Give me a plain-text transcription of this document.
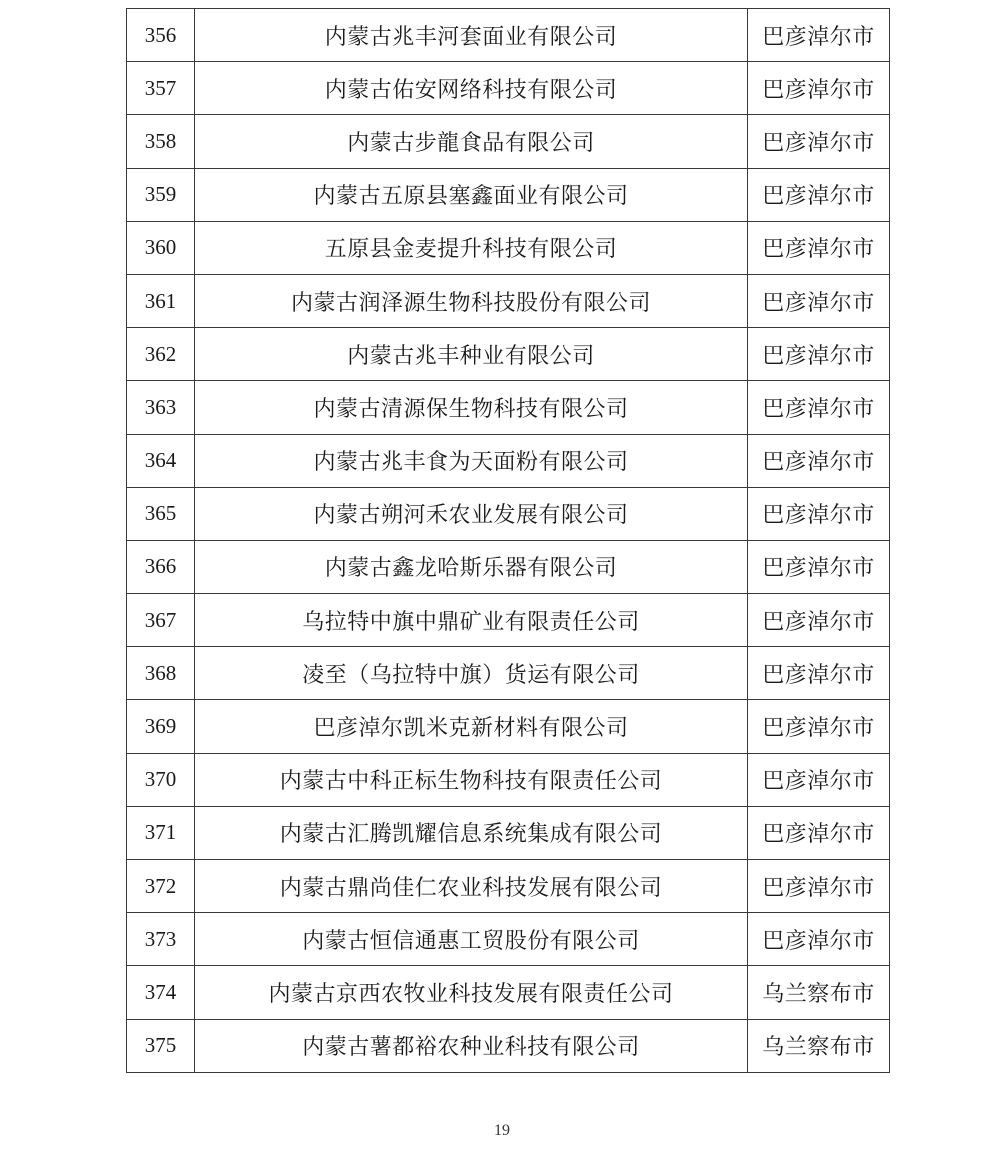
356	内蒙古兆丰河套面业有限公司	巴彦淖尔市
357	内蒙古佑安网络科技有限公司	巴彦淖尔市
358	内蒙古步龍食品有限公司	巴彦淖尔市
359	内蒙古五原县塞鑫面业有限公司	巴彦淖尔市
360	五原县金麦提升科技有限公司	巴彦淖尔市
361	内蒙古润泽源生物科技股份有限公司	巴彦淖尔市
362	内蒙古兆丰种业有限公司	巴彦淖尔市
363	内蒙古清源保生物科技有限公司	巴彦淖尔市
364	内蒙古兆丰食为天面粉有限公司	巴彦淖尔市
365	内蒙古朔河禾农业发展有限公司	巴彦淖尔市
366	内蒙古鑫龙哈斯乐器有限公司	巴彦淖尔市
367	乌拉特中旗中鼎矿业有限责任公司	巴彦淖尔市
368	凌至（乌拉特中旗）货运有限公司	巴彦淖尔市
369	巴彦淖尔凯米克新材料有限公司	巴彦淖尔市
370	内蒙古中科正标生物科技有限责任公司	巴彦淖尔市
371	内蒙古汇腾凯耀信息系统集成有限公司	巴彦淖尔市
372	内蒙古鼎尚佳仁农业科技发展有限公司	巴彦淖尔市
373	内蒙古恒信通惠工贸股份有限公司	巴彦淖尔市
374	内蒙古京西农牧业科技发展有限责任公司	乌兰察布市
375	内蒙古薯都裕农种业科技有限公司	乌兰察布市
19
